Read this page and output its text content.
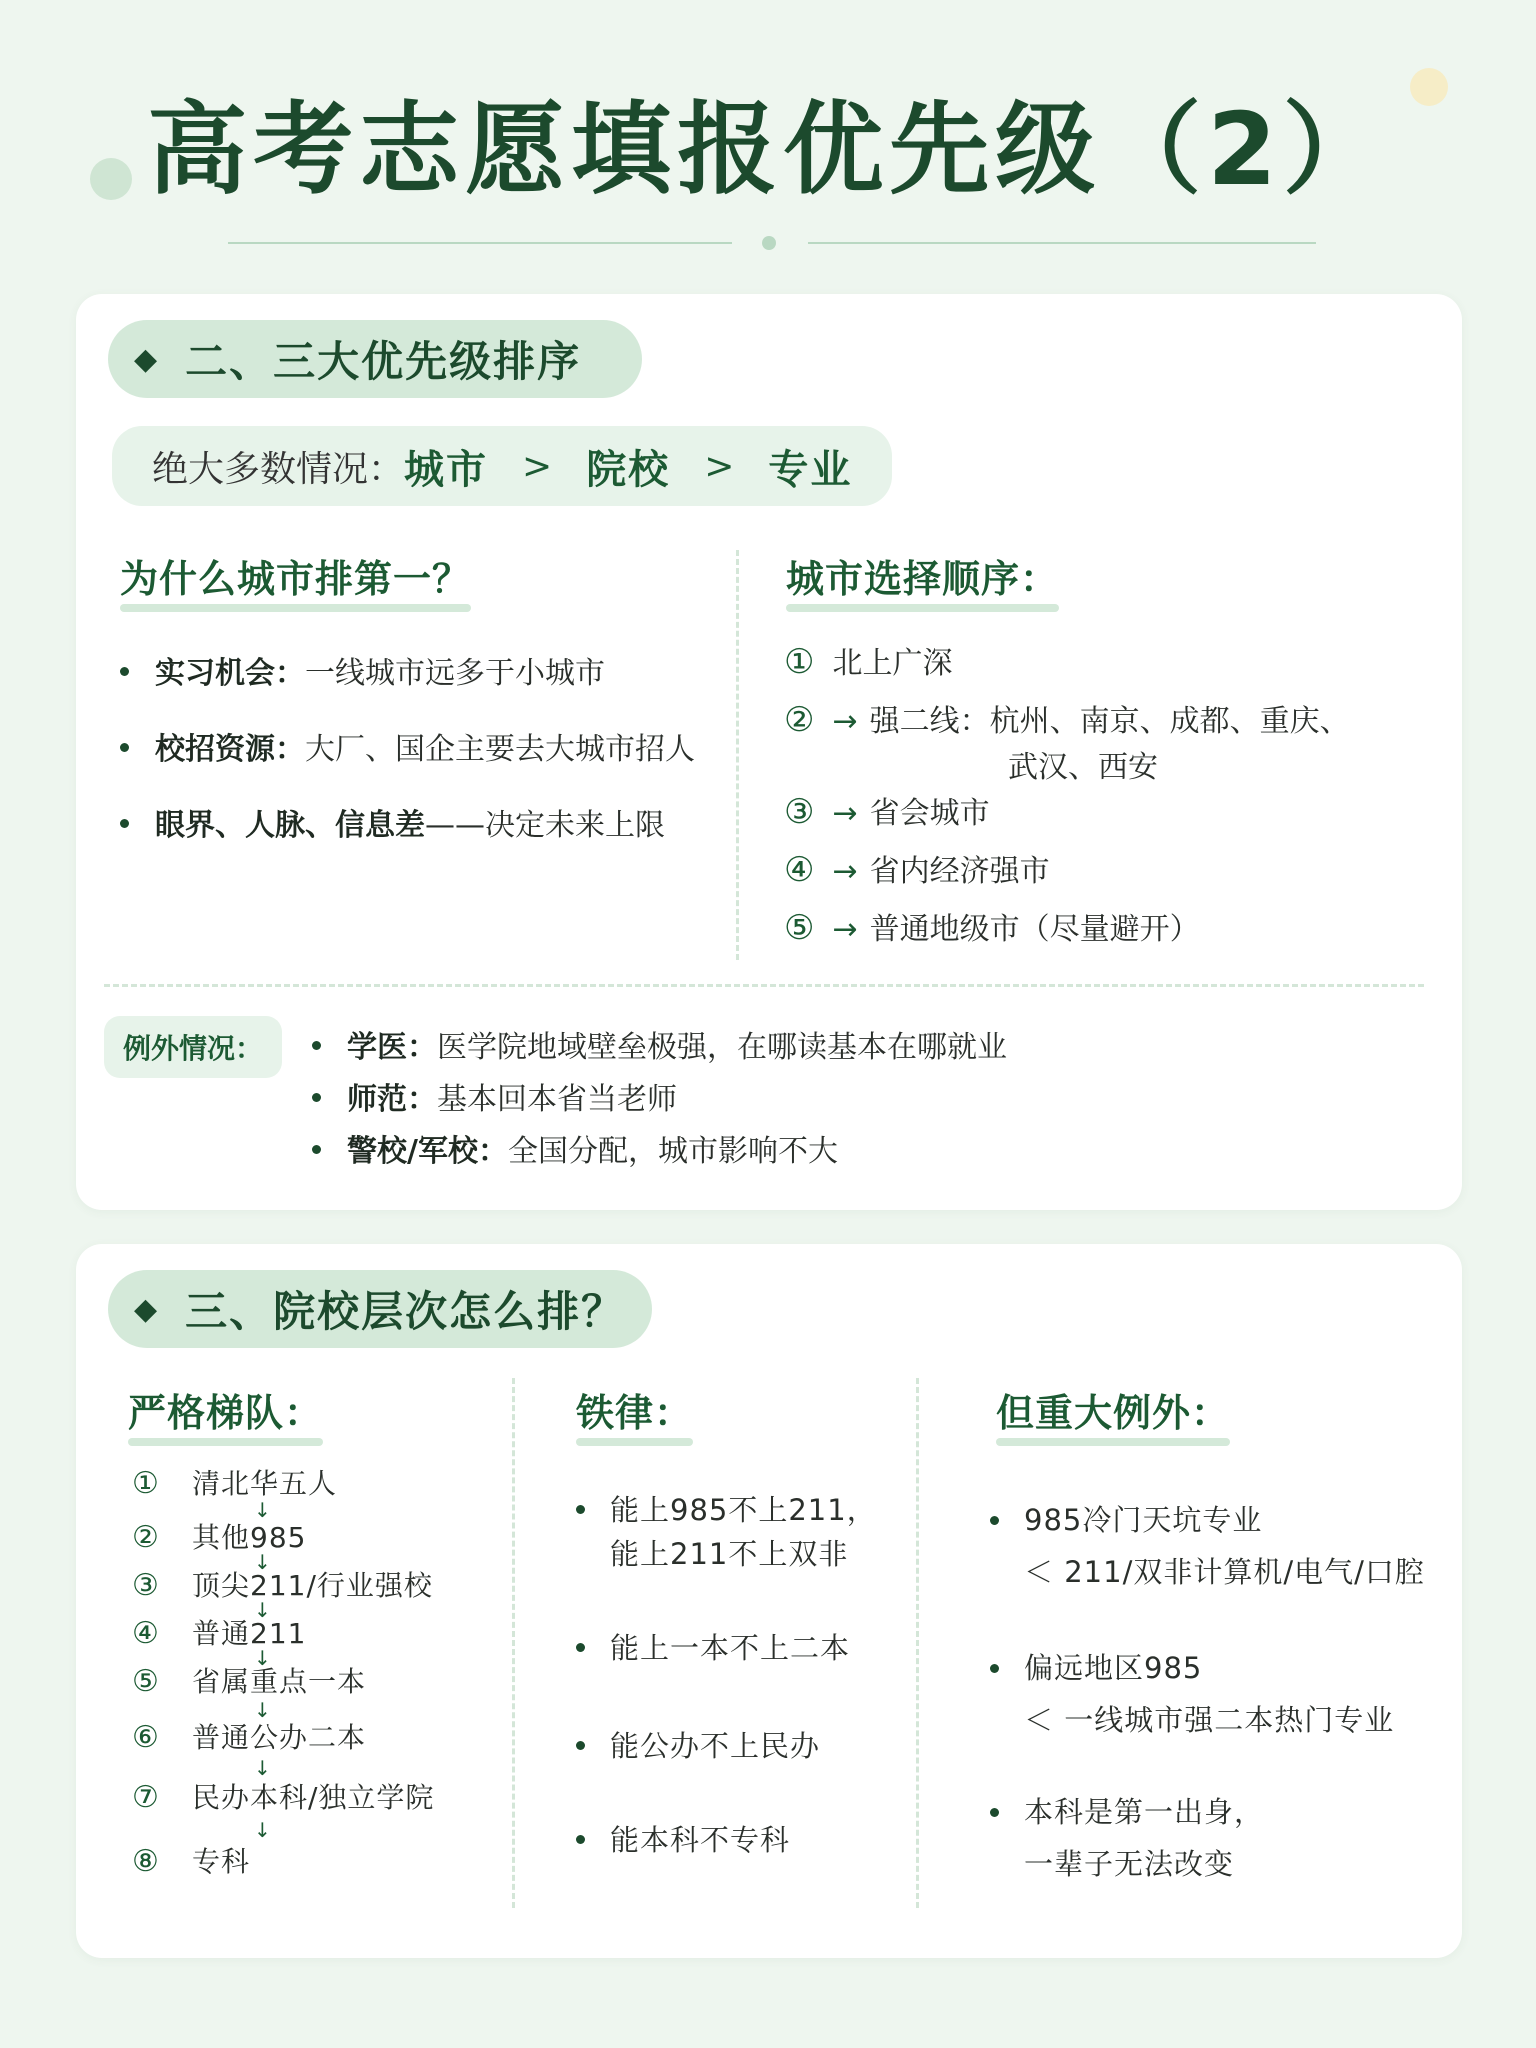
高考志愿填报优先级（2）
◆ 二、三大优先级排序
绝大多数情况： 城市 > 院校 > 专业
为什么城市排第一？
实习机会：一线城市远多于小城市
校招资源：大厂、国企主要去大城市招人
眼界、人脉、信息差——决定未来上限
城市选择顺序：
① 北上广深
② → 强二线：杭州、南京、成都、重庆、
武汉、西安
③ → 省会城市
④ → 省内经济强市
⑤ → 普通地级市（尽量避开）
例外情况：	学医：医学院地域壁垒极强，在哪读基本在哪就业
师范：基本回本省当老师
警校/军校：全国分配，城市影响不大
◆ 三、院校层次怎么排？
严格梯队：
① 清北华五人
↓
② 其他985
↓
③ 顶尖211/行业强校
↓
④ 普通211
↓
⑤ 省属重点一本
↓
⑥ 普通公办二本
↓
⑦ 民办本科/独立学院
↓
⑧ 专科
铁律：
能上985不上211，
能上211不上双非
能上一本不上二本
能公办不上民办
能本科不专科
但重大例外：
985冷门天坑专业
＜ 211/双非计算机/电气/口腔
偏远地区985
＜ 一线城市强二本热门专业
本科是第一出身，
一辈子无法改变
